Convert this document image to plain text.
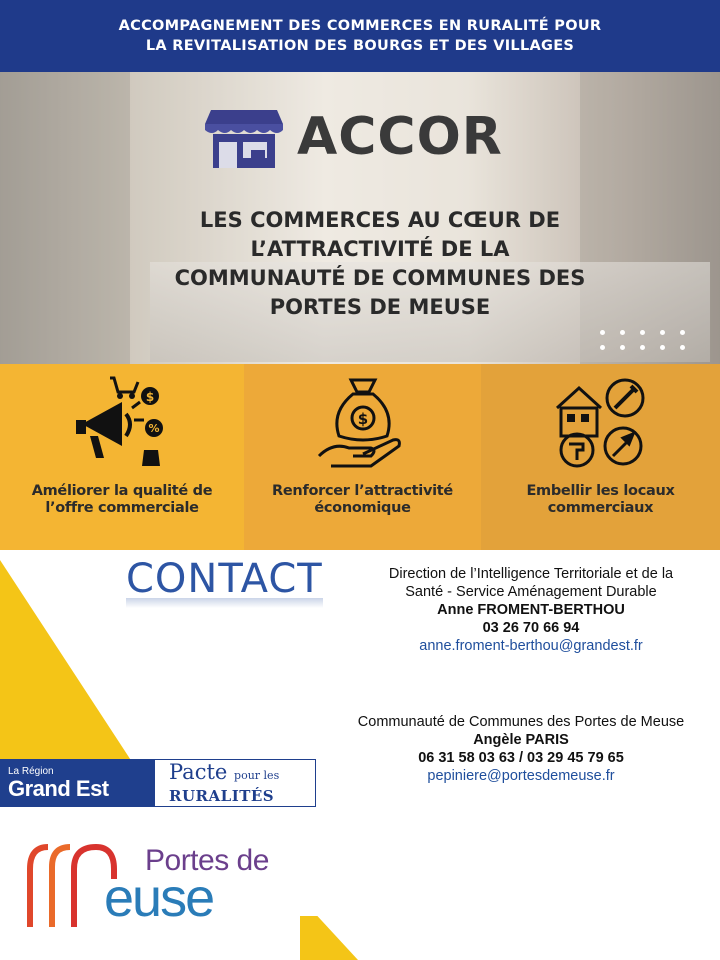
ACCOMPAGNEMENT DES COMMERCES EN RURALITÉ POUR
LA REVITALISATION DES BOURGS ET DES VILLAGES
ACCOR
LES COMMERCES AU CŒUR DE
L’ATTRACTIVITÉ DE LA
COMMUNAUTÉ DE COMMUNES DES
PORTES DE MEUSE
$
%
Améliorer la qualité de
l’offre commerciale
$
Renforcer l’attractivité
économique
Embellir les locaux
commerciaux
CONTACT	Direction de l’Intelligence Territoriale et de la
Santé - Service Aménagement Durable
Anne FROMENT-BERTHOU
03 26 70 66 94
anne.froment-berthou@grandest.fr
Communauté de Communes des Portes de Meuse
Angèle PARIS
06 31 58 03 63 / 03 29 45 79 65
pepiniere@portesdemeuse.fr
La Région
Grand Est
Pacte pour les
RURALITÉS
Portes de
euse
